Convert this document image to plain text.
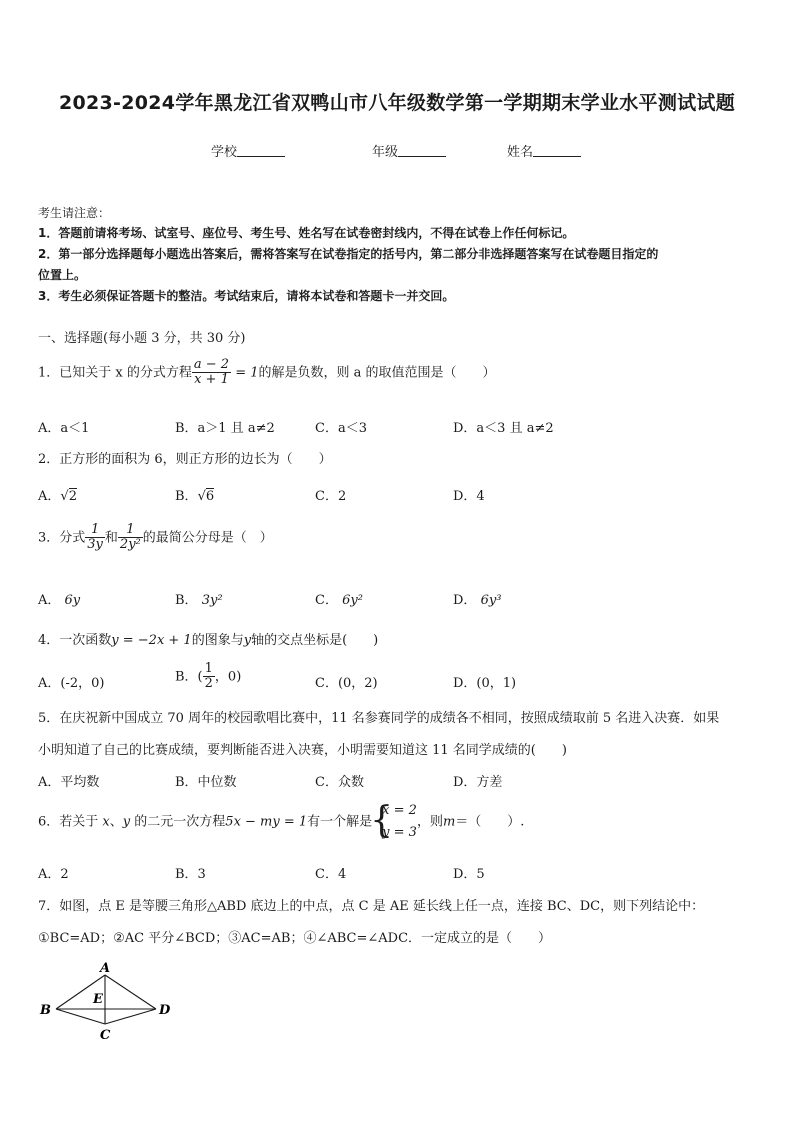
2023-2024学年黑龙江省双鸭山市八年级数学第一学期期末学业水平测试试题
学校	年级	姓名
考生请注意：
1．答题前请将考场、试室号、座位号、考生号、姓名写在试卷密封线内，不得在试卷上作任何标记。
2．第一部分选择题每小题选出答案后，需将答案写在试卷指定的括号内，第二部分非选择题答案写在试卷题目指定的
位置上。
3．考生必须保证答题卡的整洁。考试结束后，请将本试卷和答题卡一并交回。
一、选择题(每小题 3 分，共 30 分)
1．已知关于 x 的分式方程 $\frac{a - 2}{x + 1} = 1$的解是负数，则 a 的取值范围是（　　）
A．a＜1	B．a＞1 且 a≠2	C．a＜3	D．a＜3 且 a≠2
2．正方形的面积为 6，则正方形的边长为（　　）
A．√2	B．√6	C．2	D．4
3．分式 $\frac{1}{3y}$ 和 $\frac{1}{\text{2y²}}$ 的最简公分母是（　）
A． 6y	B． 3y²	C． 6y²	D． 6y³
4．一次函数y = −2x + 1的图象与y轴的交点坐标是(　　)
A．(-2，0)	B．( $\frac{1}{2}$ ，0)	C．(0，2)	D．(0，1)
5．在庆祝新中国成立 70 周年的校园歌唱比赛中，11 名参赛同学的成绩各不相同，按照成绩取前 5 名进入决赛．如果
小明知道了自己的比赛成绩，要判断能否进入决赛，小明需要知道这 11 名同学成绩的(　　)
A．平均数	B．中位数	C．众数	D．方差
6．若关于 x、y 的二元一次方程5x − my = 1有一个解是
{ x = 2
y = 3
，则m＝（　　）.
A．2	B．3	C．4	D．5
7．如图，点 E 是等腰三角形△ABD 底边上的中点，点 C 是 AE 延长线上任一点，连接 BC、DC，则下列结论中：
①BC=AD；②AC 平分∠BCD；③AC=AB；④∠ABC=∠ADC．一定成立的是（　　）
A
B
C
D
E
